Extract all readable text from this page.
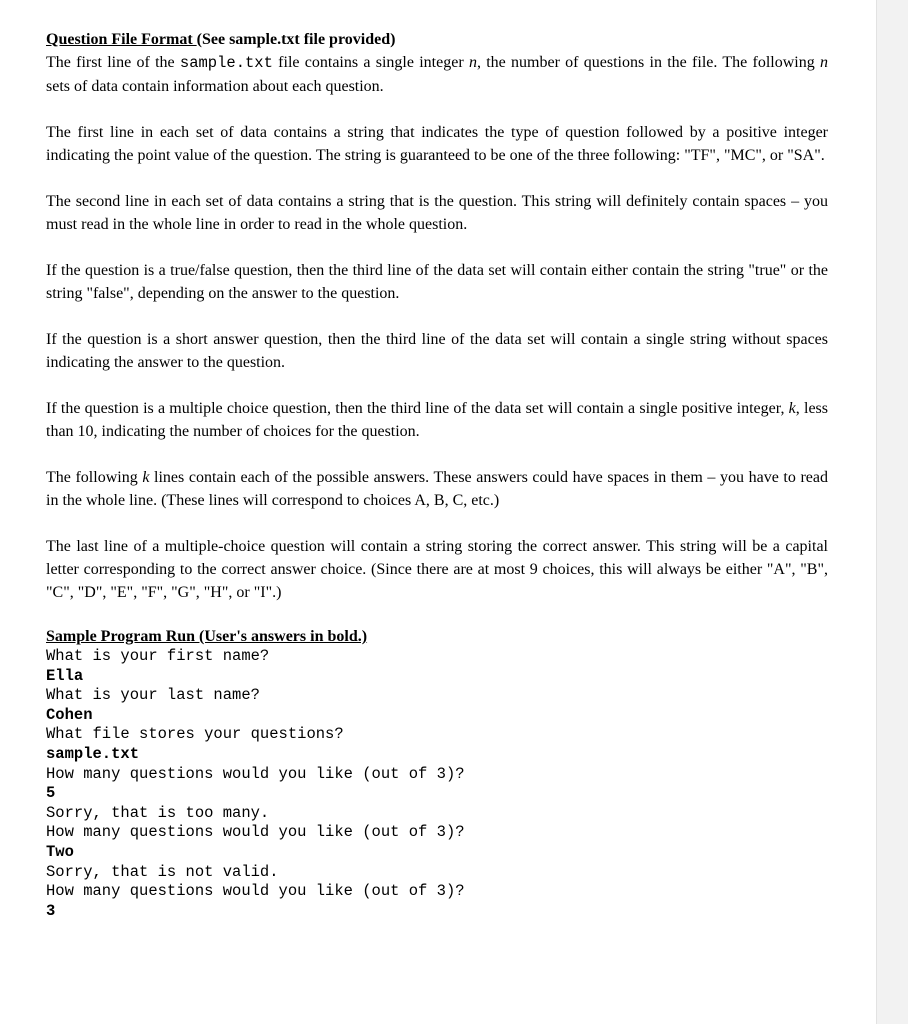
Question File Format (See sample.txt file provided)

The first line of the sample.txt file contains a single integer n, the number of questions in the file. The following n sets of data contain information about each question.

The first line in each set of data contains a string that indicates the type of question followed by a positive integer indicating the point value of the question. The string is guaranteed to be one of the three following: "TF", "MC", or "SA".

The second line in each set of data contains a string that is the question. This string will definitely contain spaces – you must read in the whole line in order to read in the whole question.

If the question is a true/false question, then the third line of the data set will contain either contain the string "true" or the string "false", depending on the answer to the question.

If the question is a short answer question, then the third line of the data set will contain a single string without spaces indicating the answer to the question.

If the question is a multiple choice question, then the third line of the data set will contain a single positive integer, k, less than 10, indicating the number of choices for the question.

The following k lines contain each of the possible answers. These answers could have spaces in them – you have to read in the whole line. (These lines will correspond to choices A, B, C, etc.)

The last line of a multiple-choice question will contain a string storing the correct answer. This string will be a capital letter corresponding to the correct answer choice. (Since there are at most 9 choices, this will always be either "A", "B", "C", "D", "E", "F", "G", "H", or "I".)

Sample Program Run (User's answers in bold.)

What is your first name?
Ella
What is your last name?
Cohen
What file stores your questions?
sample.txt
How many questions would you like (out of 3)?
5
Sorry, that is too many.
How many questions would you like (out of 3)?
Two
Sorry, that is not valid.
How many questions would you like (out of 3)?
3
